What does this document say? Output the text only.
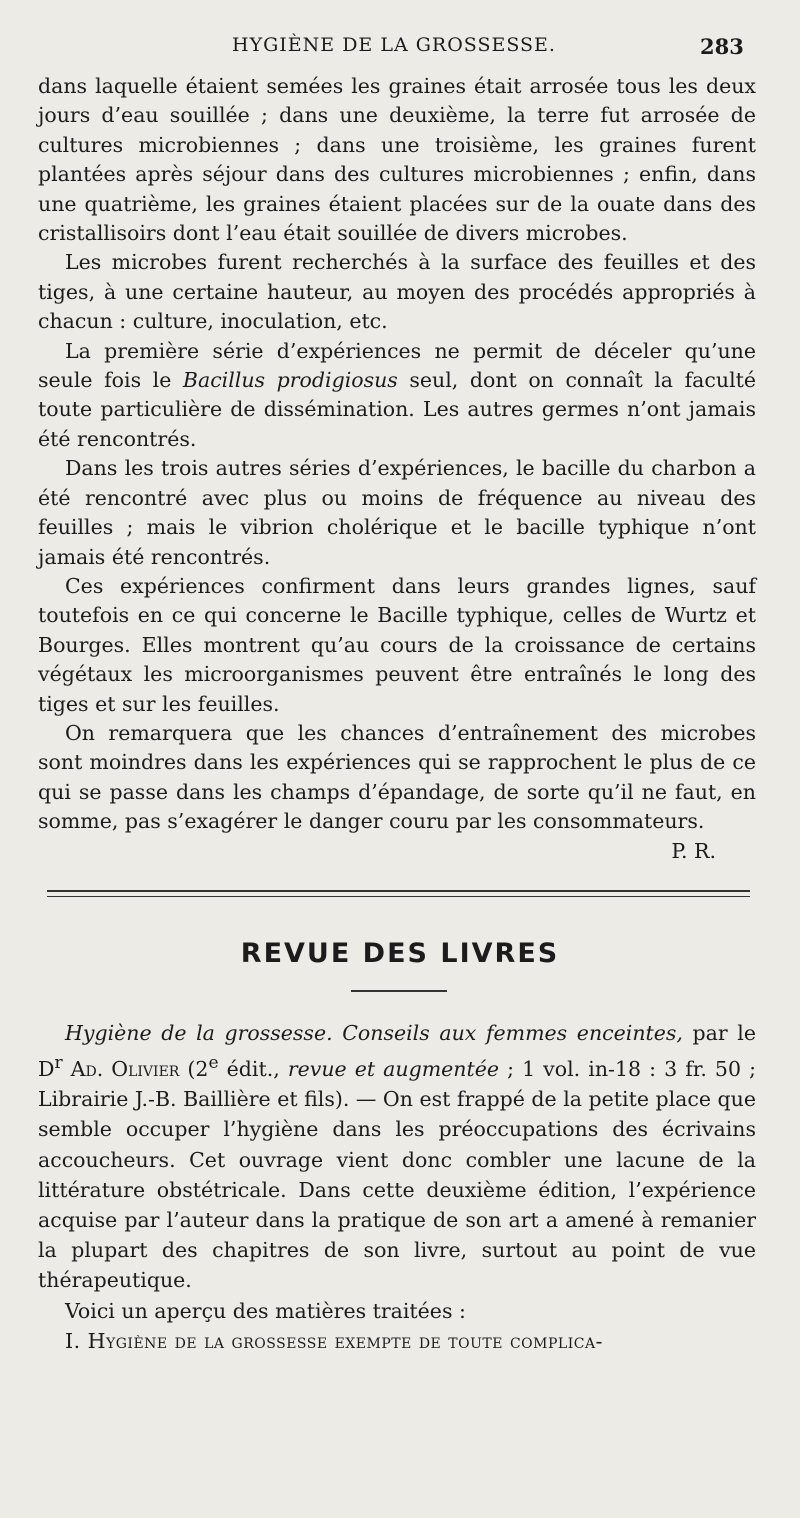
HYGIÈNE DE LA GROSSESSE.	283

dans laquelle étaient semées les graines était arrosée tous les deux jours d’eau souillée ; dans une deuxième, la terre fut arrosée de cultures microbiennes ; dans une troisième, les graines furent plantées après séjour dans des cultures microbiennes ; enfin, dans une quatrième, les graines étaient placées sur de la ouate dans des cristallisoirs dont l’eau était souillée de divers microbes.

Les microbes furent recherchés à la surface des feuilles et des tiges, à une certaine hauteur, au moyen des procédés appropriés à chacun : culture, inoculation, etc.

La première série d’expériences ne permit de déceler qu’une seule fois le Bacillus prodigiosus seul, dont on connaît la faculté toute particulière de dissémination. Les autres germes n’ont jamais été rencontrés.

Dans les trois autres séries d’expériences, le bacille du charbon a été rencontré avec plus ou moins de fréquence au niveau des feuilles ; mais le vibrion cholérique et le bacille typhique n’ont jamais été rencontrés.

Ces expériences confirment dans leurs grandes lignes, sauf toutefois en ce qui concerne le Bacille typhique, celles de Wurtz et Bourges. Elles montrent qu’au cours de la croissance de certains végétaux les microorganismes peuvent être entraînés le long des tiges et sur les feuilles.

On remarquera que les chances d’entraînement des microbes sont moindres dans les expériences qui se rapprochent le plus de ce qui se passe dans les champs d’épandage, de sorte qu’il ne faut, en somme, pas s’exagérer le danger couru par les consommateurs.

P. R.

REVUE DES LIVRES

Hygiène de la grossesse. Conseils aux femmes enceintes, par le $D^r$ Ad. Olivier (2e édit., revue et augmentée ; 1 vol. in-18 : 3 fr. 50 ; Librairie J.-B. Baillière et fils). — On est frappé de la petite place que semble occuper l’hygiène dans les préoccupations des écrivains accoucheurs. Cet ouvrage vient donc combler une lacune de la littérature obstétricale. Dans cette deuxième édition, l’expérience acquise par l’auteur dans la pratique de son art a amené à remanier la plupart des chapitres de son livre, surtout au point de vue thérapeutique.

Voici un aperçu des matières traitées :

I. Hygiène de la grossesse exempte de toute complica-
